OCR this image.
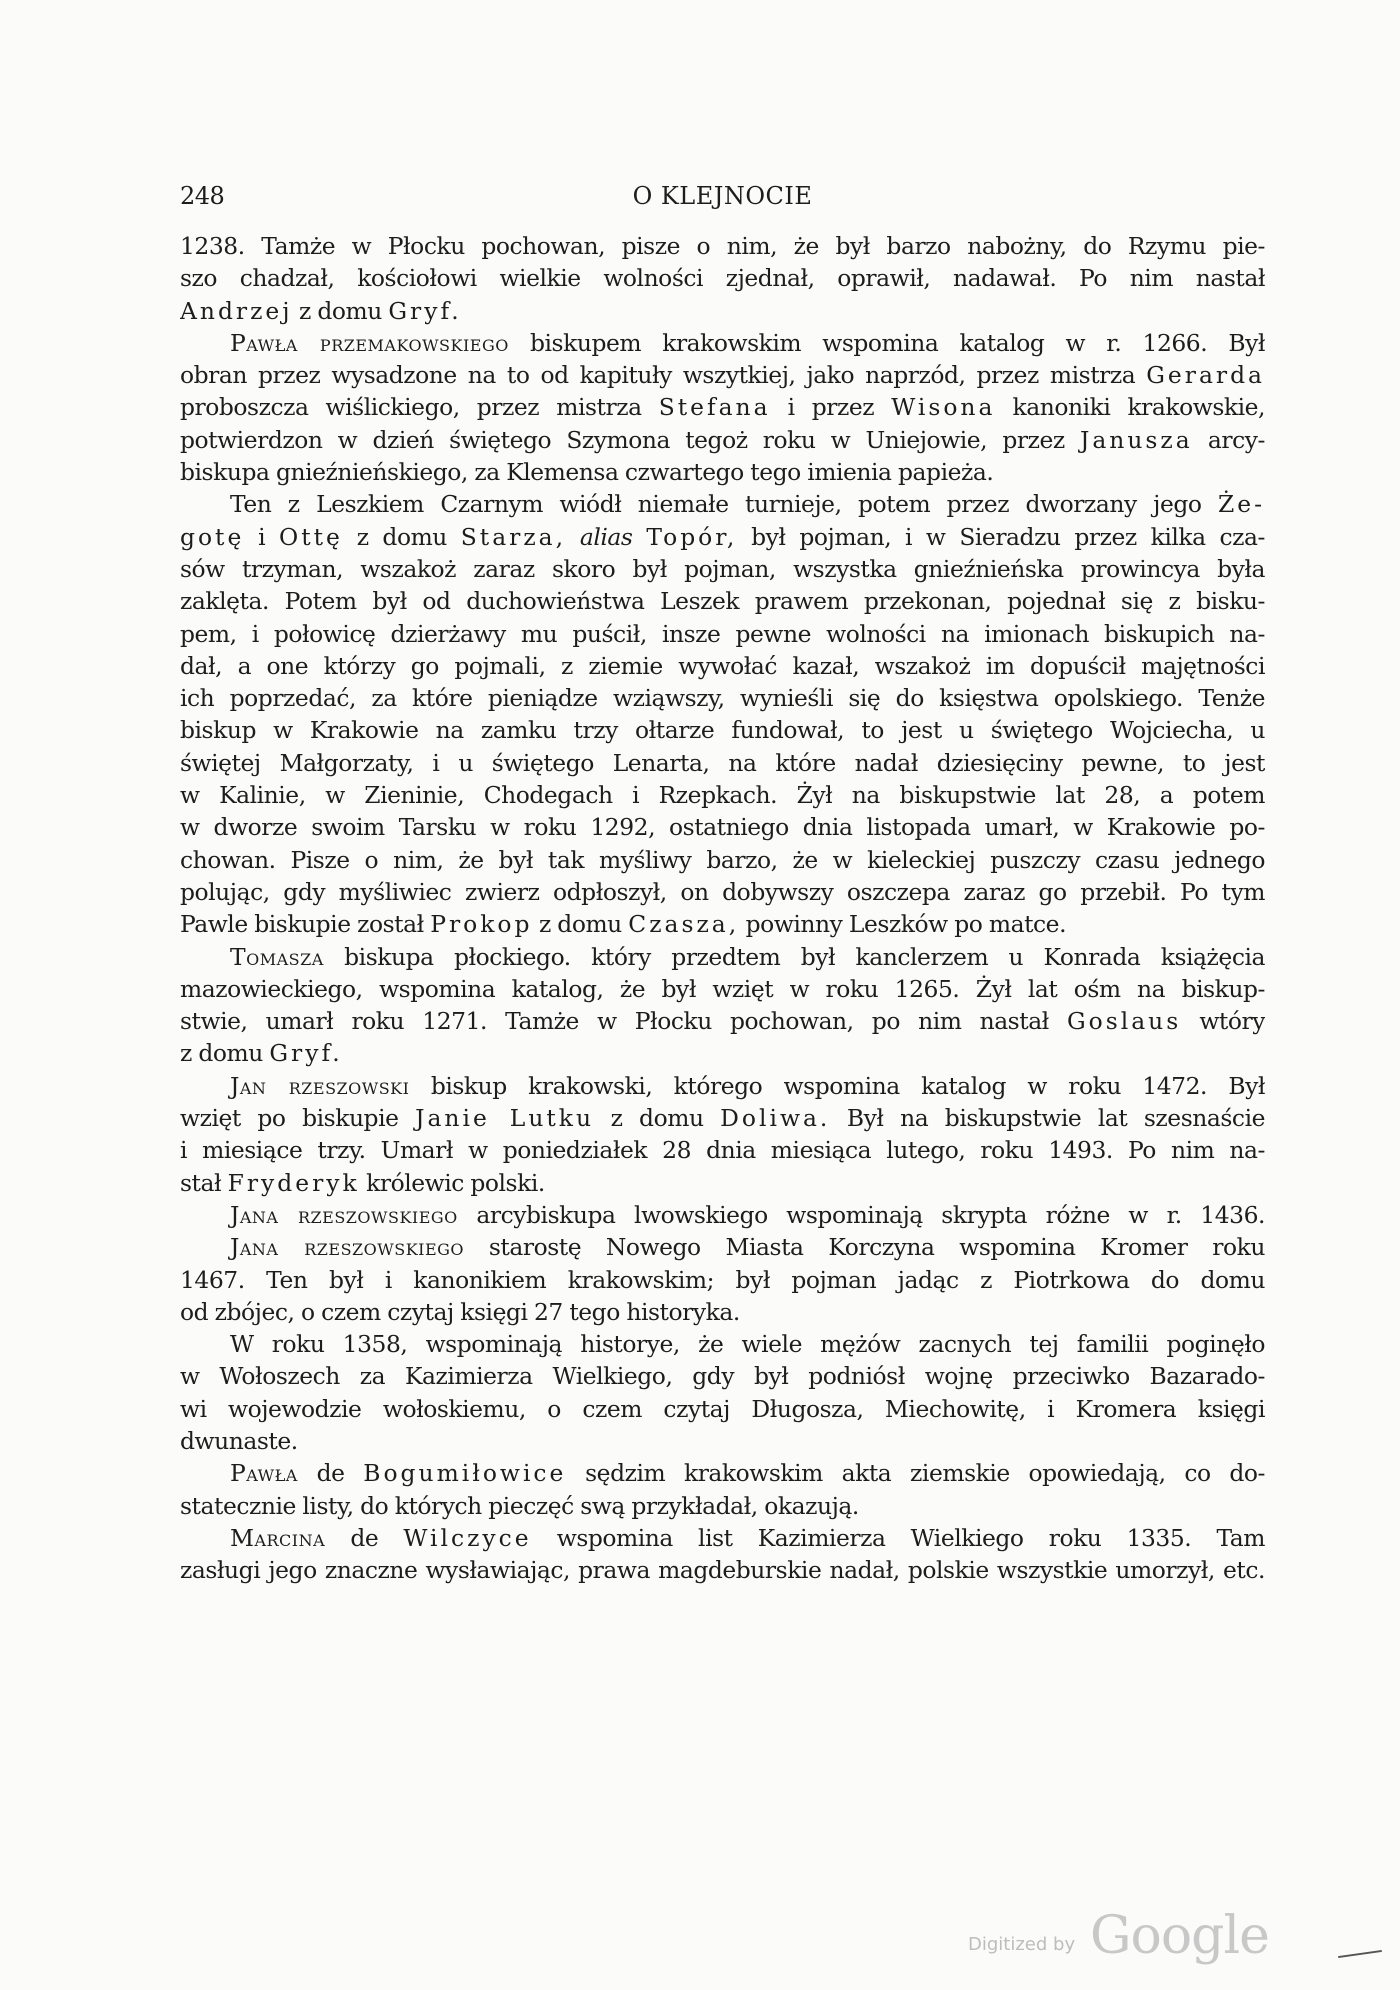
248	O KLEJNOCIE
1238. Tamże w Płocku pochowan, pisze o nim, że był barzo nabożny, do Rzymu pie-
szo chadzał, kościołowi wielkie wolności zjednał, oprawił, nadawał. Po nim nastał
Andrzej z domu Gryf.
Pawła przemakowskiego biskupem krakowskim wspomina katalog w r. 1266. Był
obran przez wysadzone na to od kapituły wszytkiej, jako naprzód, przez mistrza Gerarda
proboszcza wiślickiego, przez mistrza Stefana i przez Wisona kanoniki krakowskie,
potwierdzon w dzień świętego Szymona tegoż roku w Uniejowie, przez Janusza arcy-
biskupa gnieźnieńskiego, za Klemensa czwartego tego imienia papieża.
Ten z Leszkiem Czarnym wiódł niemałe turnieje, potem przez dworzany jego Że-
gotę i Ottę z domu Starza, alias Topór, był pojman, i w Sieradzu przez kilka cza-
sów trzyman, wszakoż zaraz skoro był pojman, wszystka gnieźnieńska prowincya była
zaklęta. Potem był od duchowieństwa Leszek prawem przekonan, pojednał się z bisku-
pem, i połowicę dzierżawy mu puścił, insze pewne wolności na imionach biskupich na-
dał, a one którzy go pojmali, z ziemie wywołać kazał, wszakoż im dopuścił majętności
ich poprzedać, za które pieniądze wziąwszy, wynieśli się do księstwa opolskiego. Tenże
biskup w Krakowie na zamku trzy ołtarze fundował, to jest u świętego Wojciecha, u
świętej Małgorzaty, i u świętego Lenarta, na które nadał dziesięciny pewne, to jest
w Kalinie, w Zieninie, Chodegach i Rzepkach. Żył na biskupstwie lat 28, a potem
w dworze swoim Tarsku w roku 1292, ostatniego dnia listopada umarł, w Krakowie po-
chowan. Pisze o nim, że był tak myśliwy barzo, że w kieleckiej puszczy czasu jednego
polując, gdy myśliwiec zwierz odpłoszył, on dobywszy oszczepa zaraz go przebił. Po tym
Pawle biskupie został Prokop z domu Czasza, powinny Leszków po matce.
Tomasza biskupa płockiego. który przedtem był kanclerzem u Konrada książęcia
mazowieckiego, wspomina katalog, że był wzięt w roku 1265. Żył lat ośm na biskup-
stwie, umarł roku 1271. Tamże w Płocku pochowan, po nim nastał Goslaus wtóry
z domu Gryf.
Jan rzeszowski biskup krakowski, którego wspomina katalog w roku 1472. Był
wzięt po biskupie Janie Lutku z domu Doliwa. Był na biskupstwie lat szesnaście
i miesiące trzy. Umarł w poniedziałek 28 dnia miesiąca lutego, roku 1493. Po nim na-
stał Fryderyk królewic polski.
Jana rzeszowskiego arcybiskupa lwowskiego wspominają skrypta różne w r. 1436.
Jana rzeszowskiego starostę Nowego Miasta Korczyna wspomina Kromer roku
1467. Ten był i kanonikiem krakowskim; był pojman jadąc z Piotrkowa do domu
od zbójec, o czem czytaj księgi 27 tego historyka.
W roku 1358, wspominają historye, że wiele mężów zacnych tej familii poginęło
w Wołoszech za Kazimierza Wielkiego, gdy był podniósł wojnę przeciwko Bazarado-
wi wojewodzie wołoskiemu, o czem czytaj Długosza, Miechowitę, i Kromera księgi
dwunaste.
Pawła de Bogumiłowice sędzim krakowskim akta ziemskie opowiedają, co do-
statecznie listy, do których pieczęć swą przykładał, okazują.
Marcina de Wilczyce wspomina list Kazimierza Wielkiego roku 1335. Tam
zasługi jego znaczne wysławiając, prawa magdeburskie nadał, polskie wszystkie umorzył, etc.
Digitized by Google
